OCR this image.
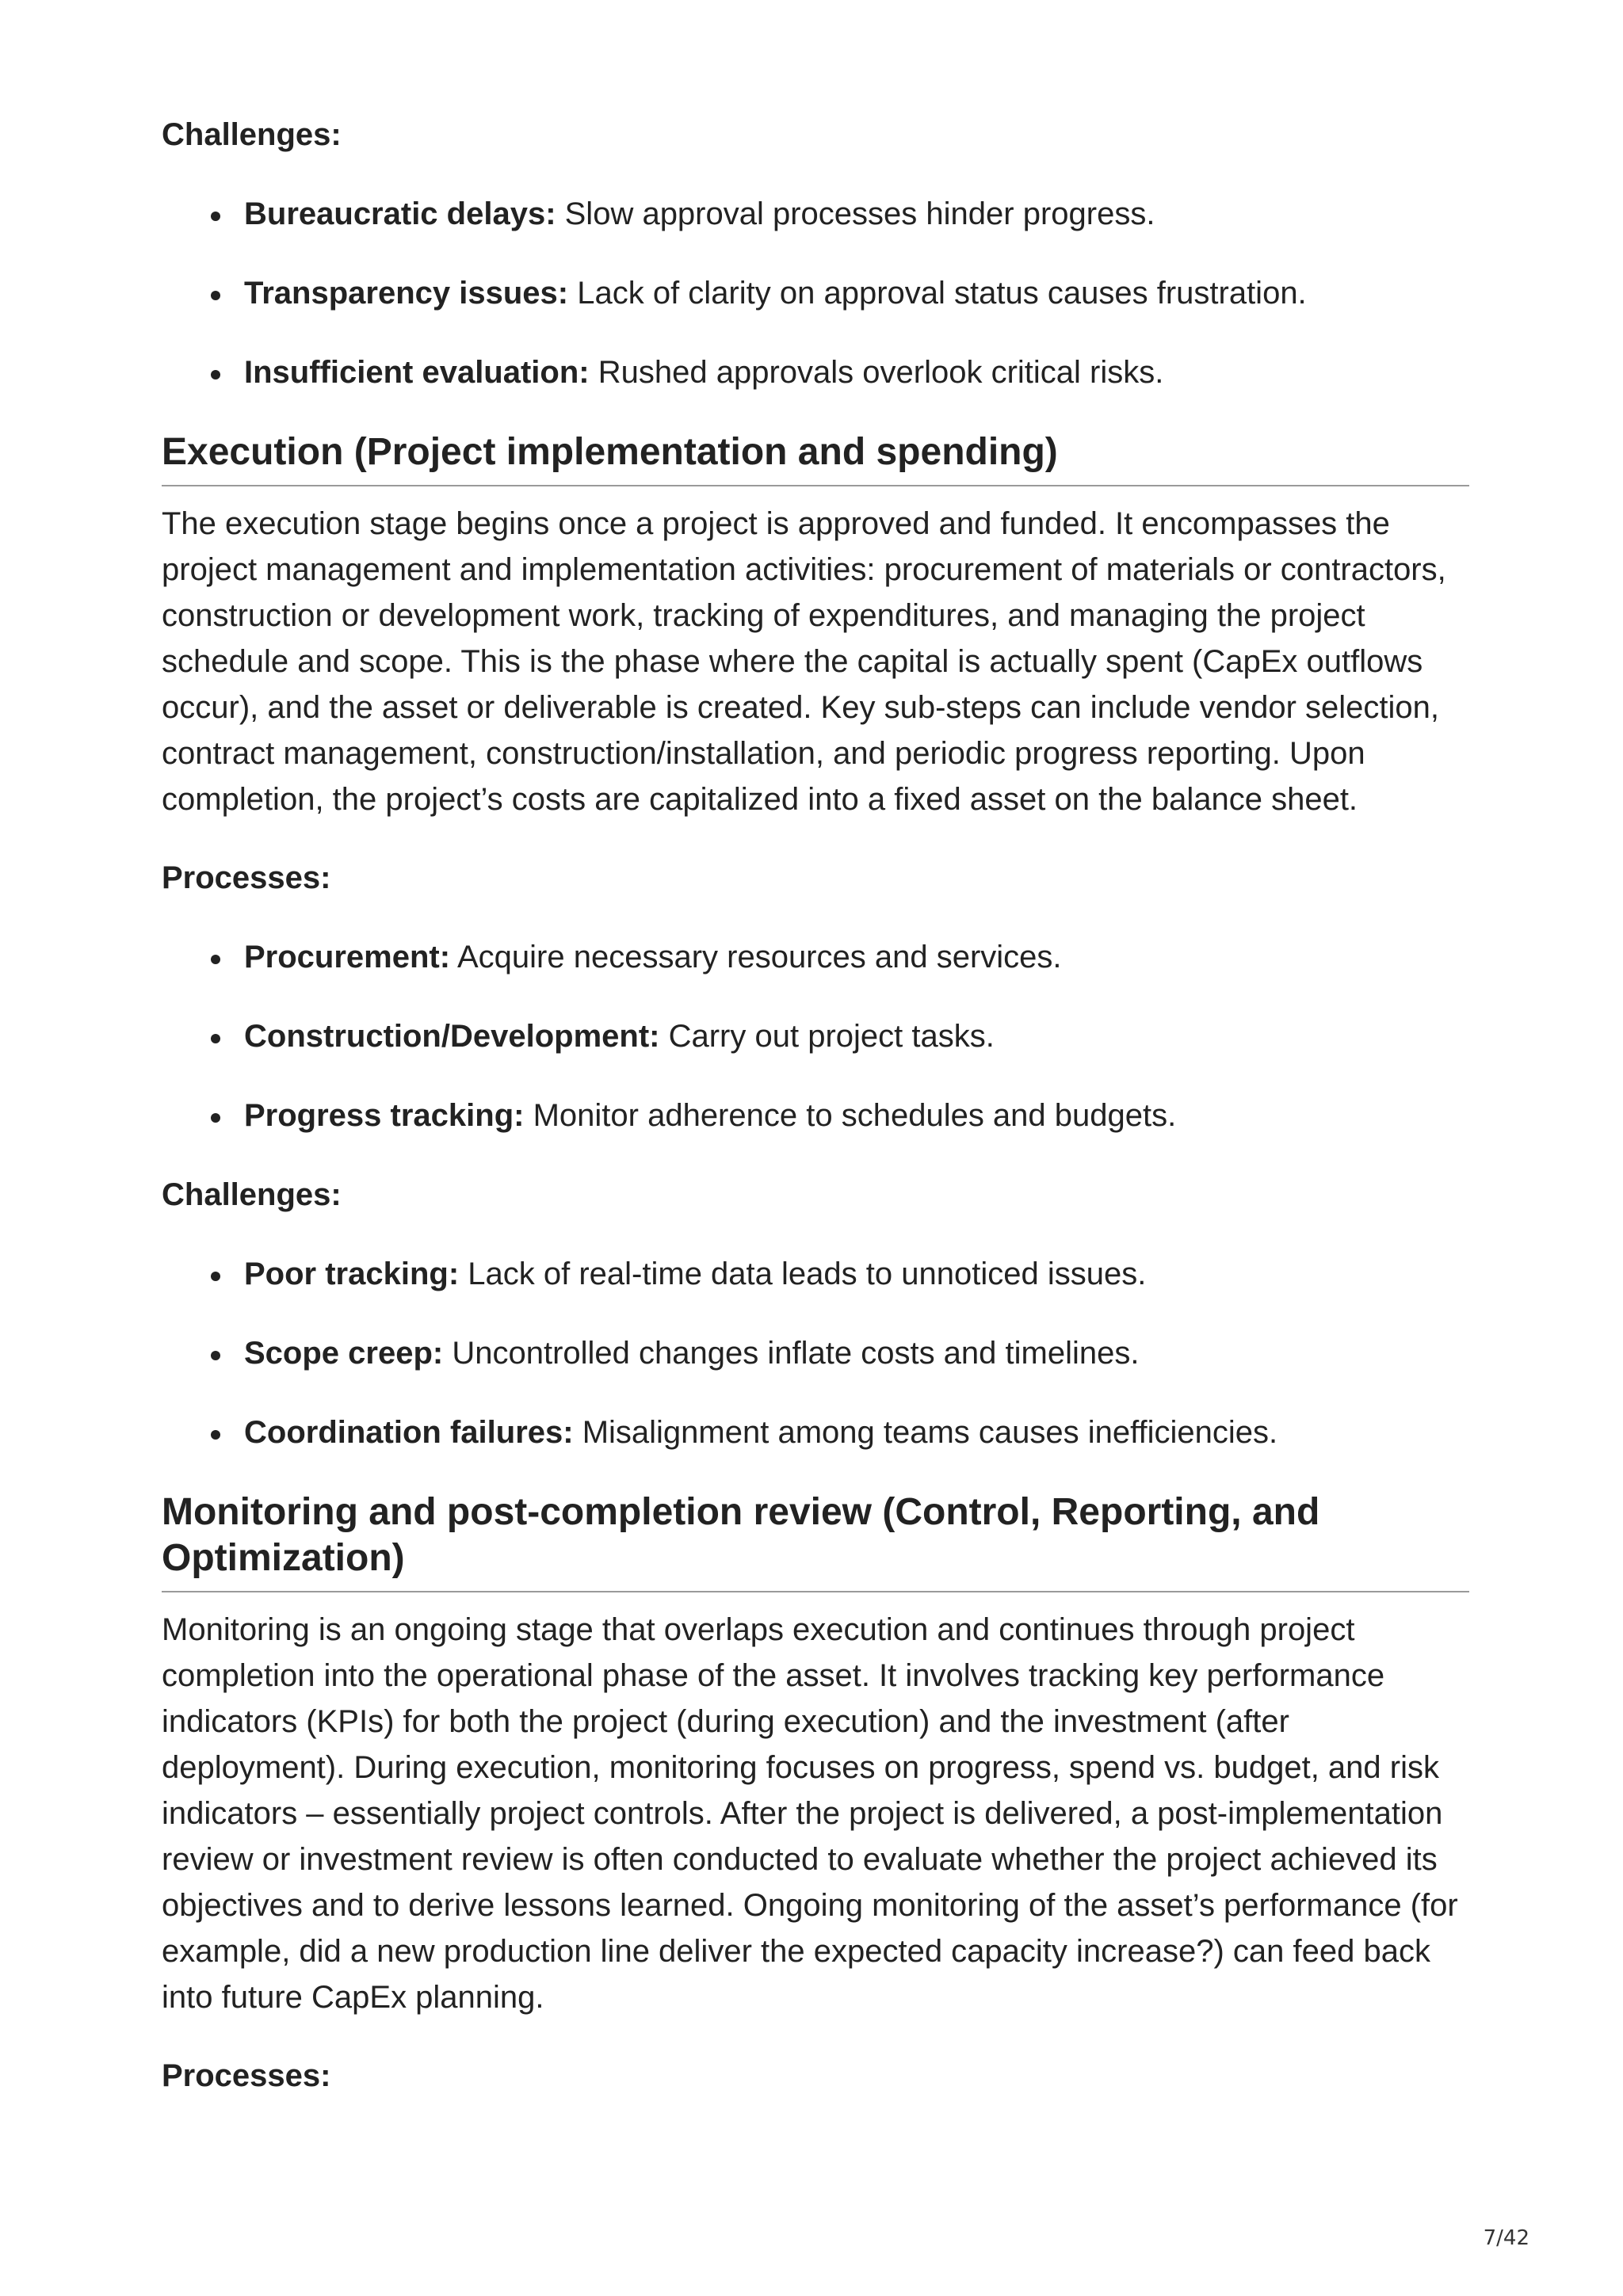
Challenges:

Bureaucratic delays: Slow approval processes hinder progress.
Transparency issues: Lack of clarity on approval status causes frustration.
Insufficient evaluation: Rushed approvals overlook critical risks.
Execution (Project implementation and spending)

The execution stage begins once a project is approved and funded. It encompasses the project management and implementation activities: procurement of materials or contractors, construction or development work, tracking of expenditures, and managing the project schedule and scope. This is the phase where the capital is actually spent (CapEx outflows occur), and the asset or deliverable is created. Key sub-steps can include vendor selection, contract management, construction/installation, and periodic progress reporting. Upon completion, the project’s costs are capitalized into a fixed asset on the balance sheet.

Processes:

Procurement: Acquire necessary resources and services.
Construction/Development: Carry out project tasks.
Progress tracking: Monitor adherence to schedules and budgets.

Challenges:

Poor tracking: Lack of real-time data leads to unnoticed issues.
Scope creep: Uncontrolled changes inflate costs and timelines.
Coordination failures: Misalignment among teams causes inefficiencies.
Monitoring and post-completion review (Control, Reporting, and
Optimization)

Monitoring is an ongoing stage that overlaps execution and continues through project completion into the operational phase of the asset. It involves tracking key performance indicators (KPIs) for both the project (during execution) and the investment (after deployment). During execution, monitoring focuses on progress, spend vs. budget, and risk indicators – essentially project controls. After the project is delivered, a post-implementation review or investment review is often conducted to evaluate whether the project achieved its objectives and to derive lessons learned. Ongoing monitoring of the asset’s performance (for example, did a new production line deliver the expected capacity increase?) can feed back into future CapEx planning.

Processes:

7/42
